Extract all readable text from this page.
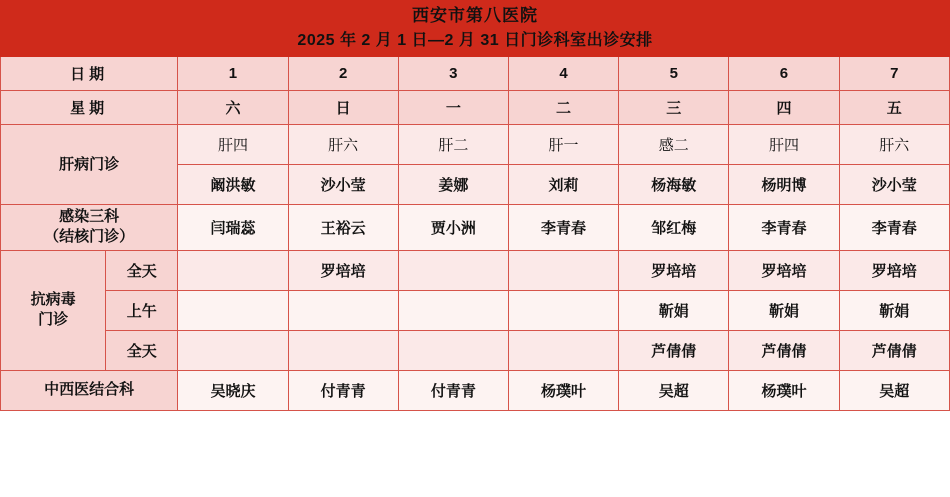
西安市第八医院
2025 年 2 月 1 日—2 月 31 日门诊科室出诊安排								

日期		1	2	3	4	5	6	7
星期		六	日	一	二	三	四	五
肝病门诊		肝四	肝六	肝二	肝一	感二	肝四	肝六
		阚洪敏	沙小莹	姜娜	刘莉	杨海敏	杨明博	沙小莹
感染三科
（结核门诊）		闫瑞蕊	王裕云	贾小洲	李青春	邹红梅	李青春	李青春
抗病毒
门诊	全天		罗培培			罗培培	罗培培	罗培培
	上午					靳娟	靳娟	靳娟
	全天					芦倩倩	芦倩倩	芦倩倩
中西医结合科		吴晓庆	付青青	付青青	杨璞叶	吴超	杨璞叶	吴超
